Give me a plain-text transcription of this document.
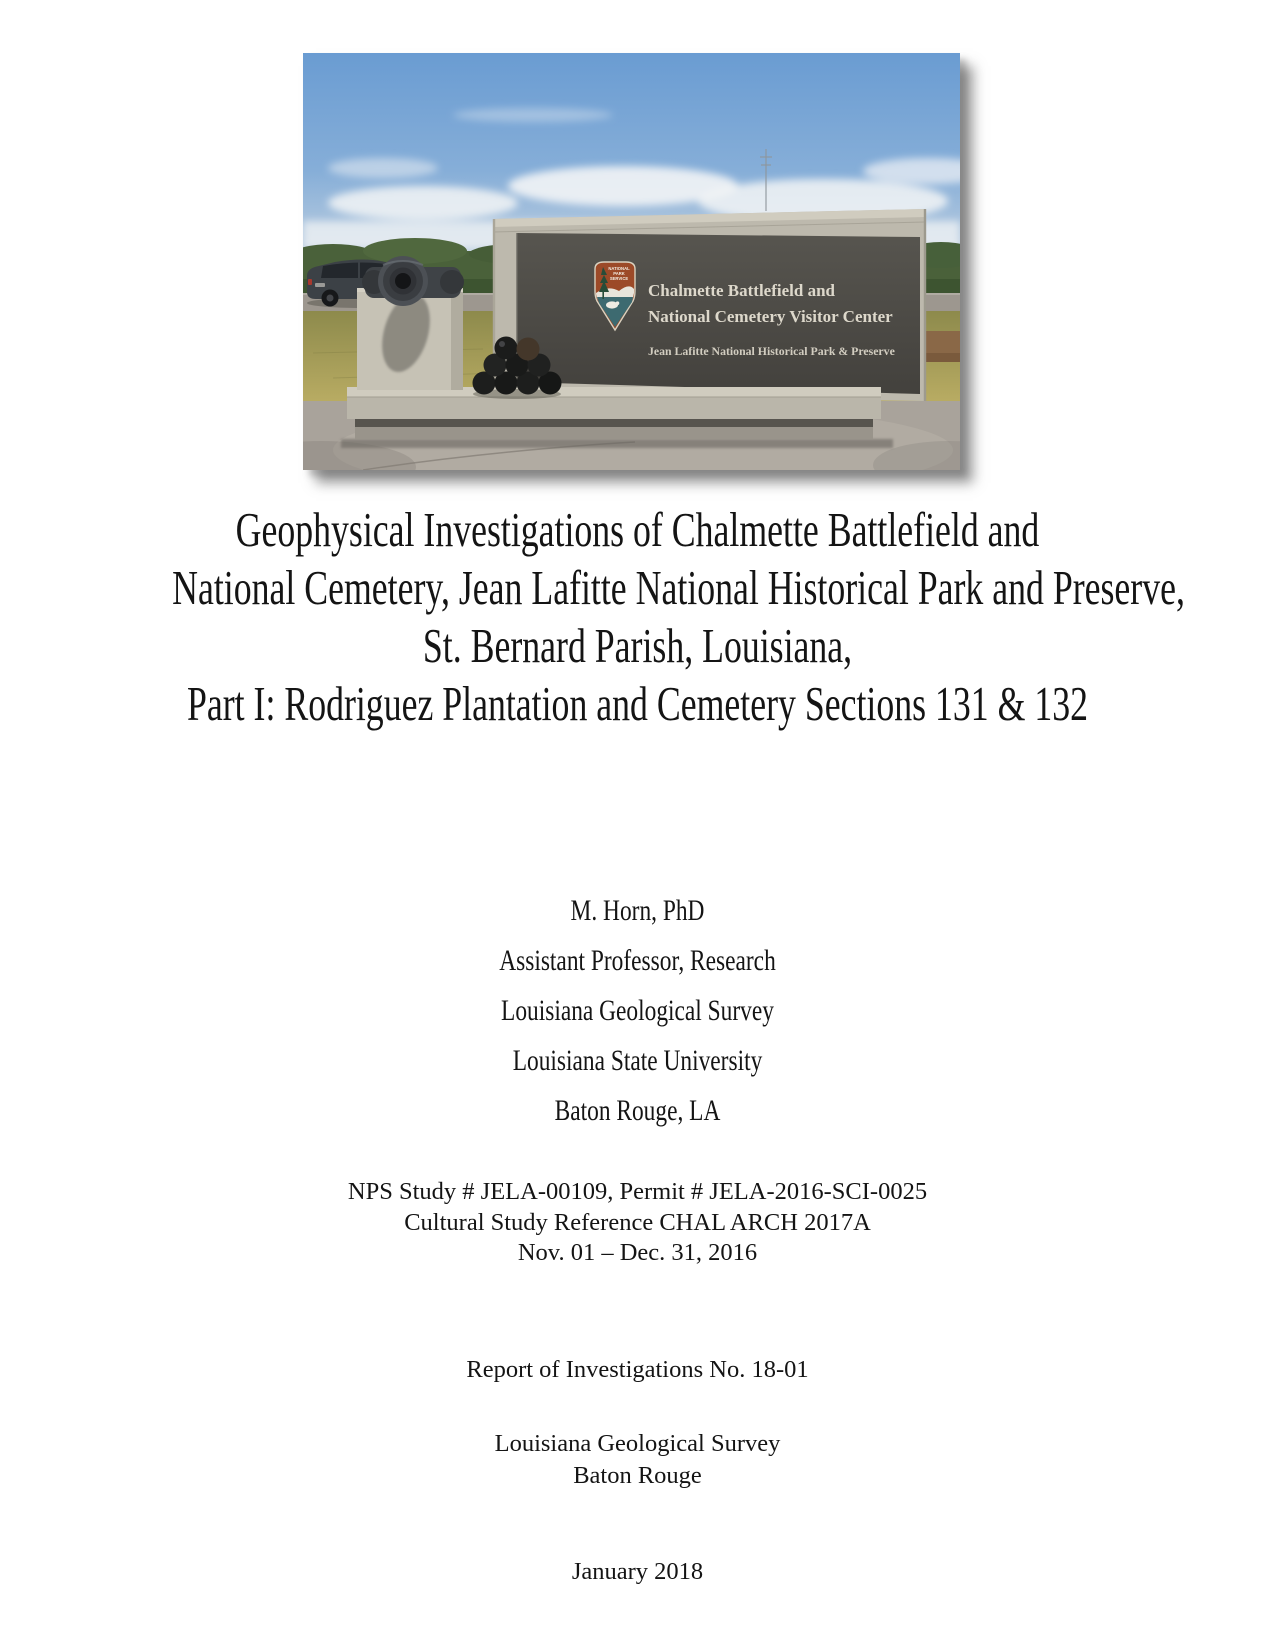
NATIONAL
PARK
SERVICE
Chalmette Battlefield and
National Cemetery Visitor Center
Jean Lafitte National Historical Park & Preserve
Geophysical Investigations of Chalmette Battlefield and
National Cemetery, Jean Lafitte National Historical Park and Preserve,
St. Bernard Parish, Louisiana,
Part I: Rodriguez Plantation and Cemetery Sections 131 & 132
M. Horn, PhD
Assistant Professor, Research
Louisiana Geological Survey
Louisiana State University
Baton Rouge, LA
NPS Study # JELA-00109, Permit # JELA-2016-SCI-0025
Cultural Study Reference CHAL ARCH 2017A
Nov. 01 – Dec. 31, 2016
Report of Investigations No. 18-01
Louisiana Geological Survey
Baton Rouge
January 2018
